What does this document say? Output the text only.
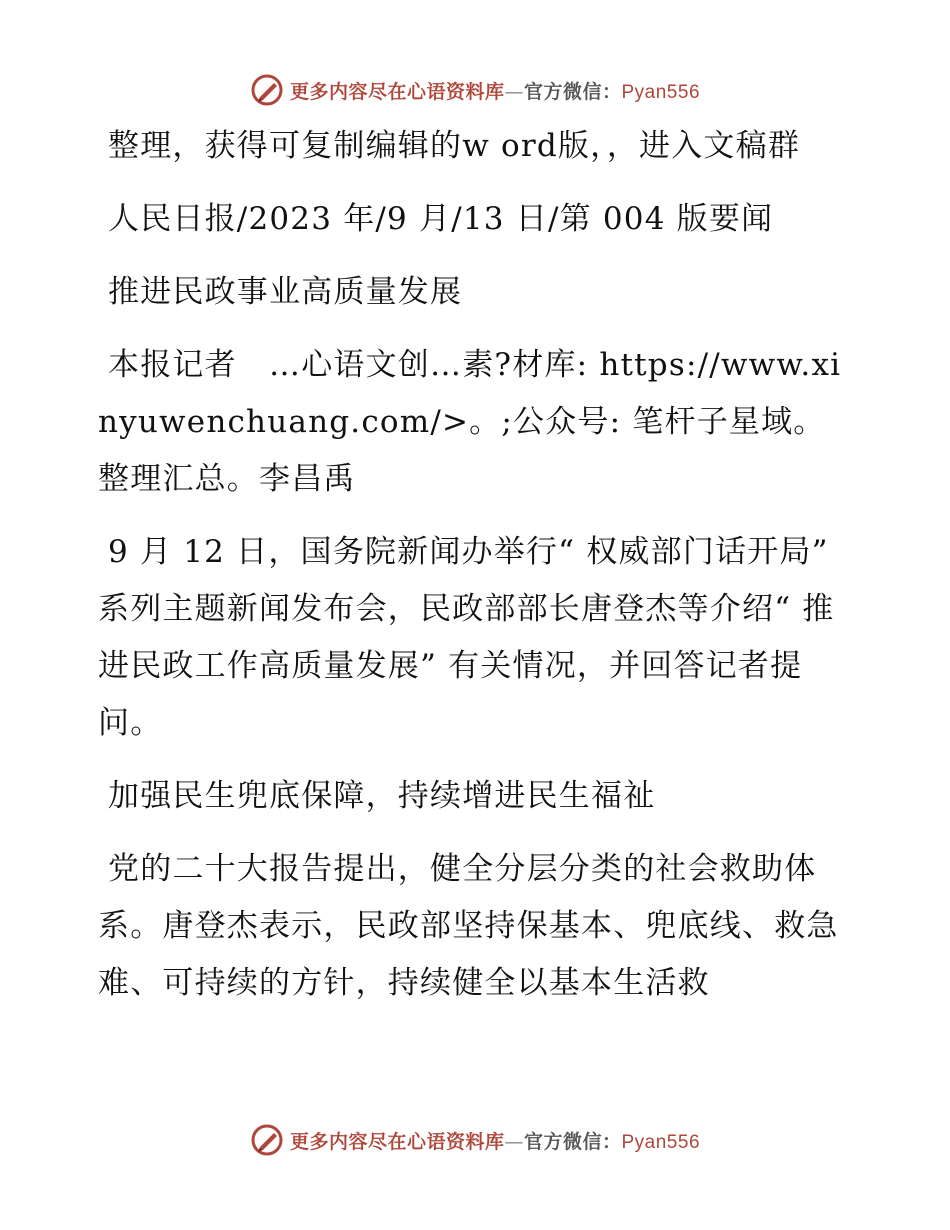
更多内容尽在心语资料库—官方微信：Pyan556

整理，获得可复制编辑的w ord版，，进入文稿群

人民日报/2023 年/9 月/13 日/第 004 版要闻

推进民政事业高质量发展

本报记者　…心语文创…素?材库: https://www.xinyuwenchuang.com/>。;公众号: 笔杆子星域。整理汇总。李昌禹

9 月 12 日，国务院新闻办举行“ 权威部门话开局” 系列主题新闻发布会，民政部部长唐登杰等介绍“ 推进民政工作高质量发展” 有关情况，并回答记者提问。

加强民生兜底保障，持续增进民生福祉

党的二十大报告提出，健全分层分类的社会救助体系。唐登杰表示，民政部坚持保基本、兜底线、救急难、可持续的方针，持续健全以基本生活救

更多内容尽在心语资料库—官方微信：Pyan556
